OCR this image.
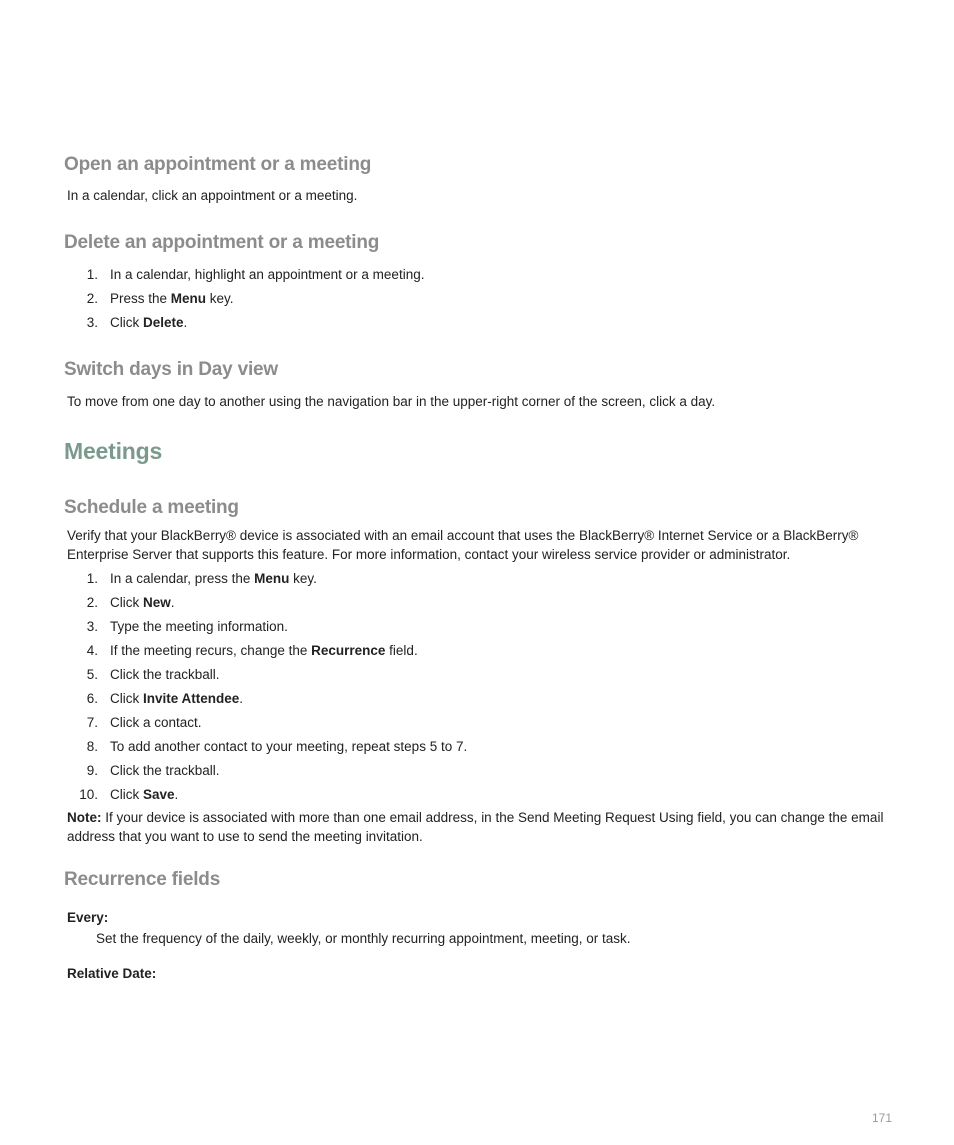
Open an appointment or a meeting

In a calendar, click an appointment or a meeting.

Delete an appointment or a meeting
1. In a calendar, highlight an appointment or a meeting.
2. Press the Menu key.
3. Click Delete.
Switch days in Day view

To move from one day to another using the navigation bar in the upper-right corner of the screen, click a day.

Meetings
Schedule a meeting

Verify that your BlackBerry® device is associated with an email account that uses the BlackBerry® Internet Service or a BlackBerry® Enterprise Server that supports this feature. For more information, contact your wireless service provider or administrator.

1. In a calendar, press the Menu key.
2. Click New.
3. Type the meeting information.
4. If the meeting recurs, change the Recurrence field.
5. Click the trackball.
6. Click Invite Attendee.
7. Click a contact.
8. To add another contact to your meeting, repeat steps 5 to 7.
9. Click the trackball.
10. Click Save.

Note: If your device is associated with more than one email address, in the Send Meeting Request Using field, you can change the email address that you want to use to send the meeting invitation.

Recurrence fields
Every:
Set the frequency of the daily, weekly, or monthly recurring appointment, meeting, or task.
Relative Date:
171
